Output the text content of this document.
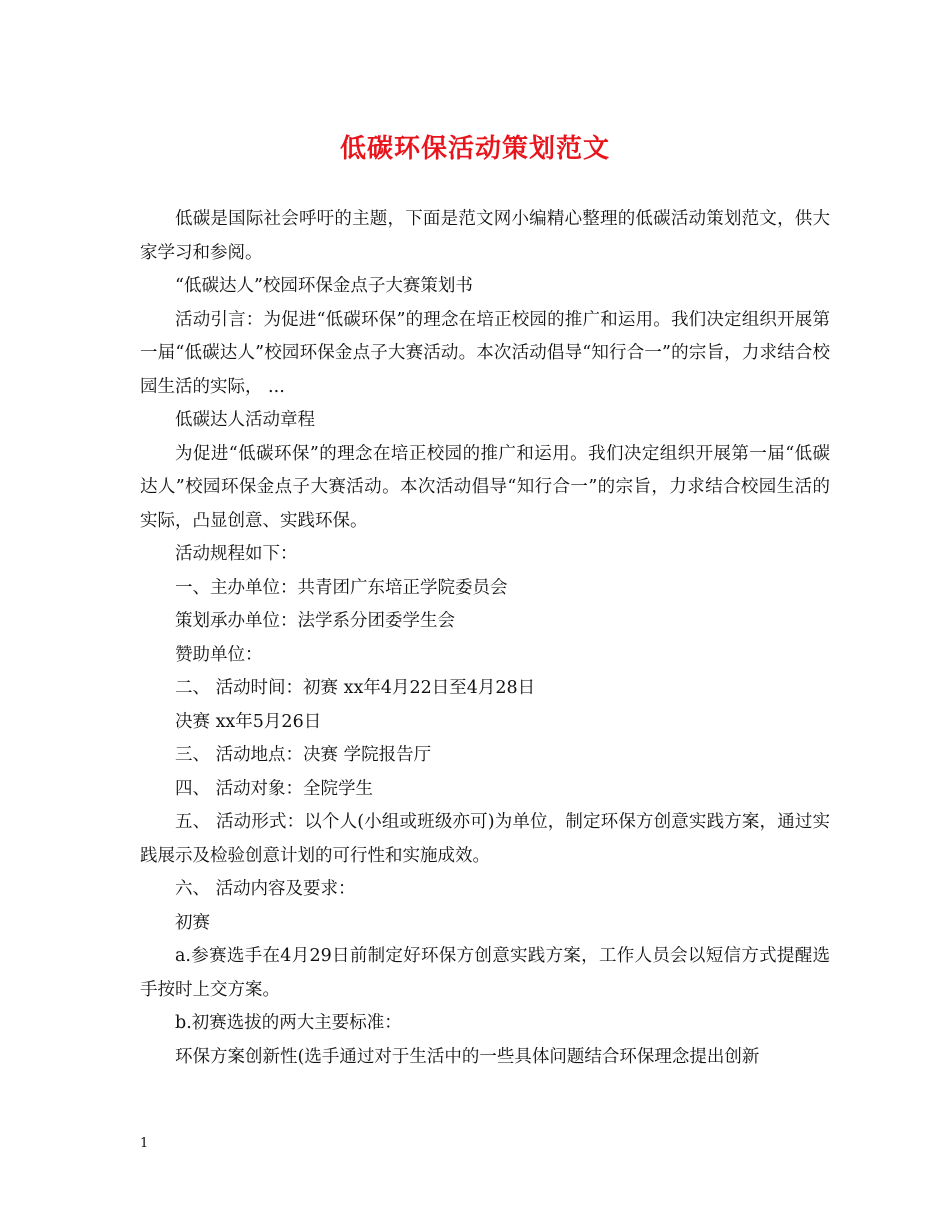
低碳环保活动策划范文

低碳是国际社会呼吁的主题，下面是范文网小编精心整理的低碳活动策划范文，供大家学习和参阅。

“低碳达人”校园环保金点子大赛策划书

活动引言：为促进“低碳环保”的理念在培正校园的推广和运用。我们决定组织开展第一届“低碳达人”校园环保金点子大赛活动。本次活动倡导“知行合一”的宗旨，力求结合校园生活的实际， ...

低碳达人活动章程

为促进“低碳环保”的理念在培正校园的推广和运用。我们决定组织开展第一届“低碳达人”校园环保金点子大赛活动。本次活动倡导“知行合一”的宗旨，力求结合校园生活的实际，凸显创意、实践环保。

活动规程如下：

一、主办单位：共青团广东培正学院委员会

策划承办单位：法学系分团委学生会

赞助单位：

二、 活动时间：初赛 xx年4月22日至4月28日

决赛 xx年5月26日

三、 活动地点：决赛 学院报告厅

四、 活动对象：全院学生

五、 活动形式：以个人(小组或班级亦可)为单位，制定环保方创意实践方案，通过实践展示及检验创意计划的可行性和实施成效。

六、 活动内容及要求：

初赛

a.参赛选手在4月29日前制定好环保方创意实践方案，工作人员会以短信方式提醒选手按时上交方案。

b.初赛选拔的两大主要标准：

环保方案创新性(选手通过对于生活中的一些具体问题结合环保理念提出创新

1
